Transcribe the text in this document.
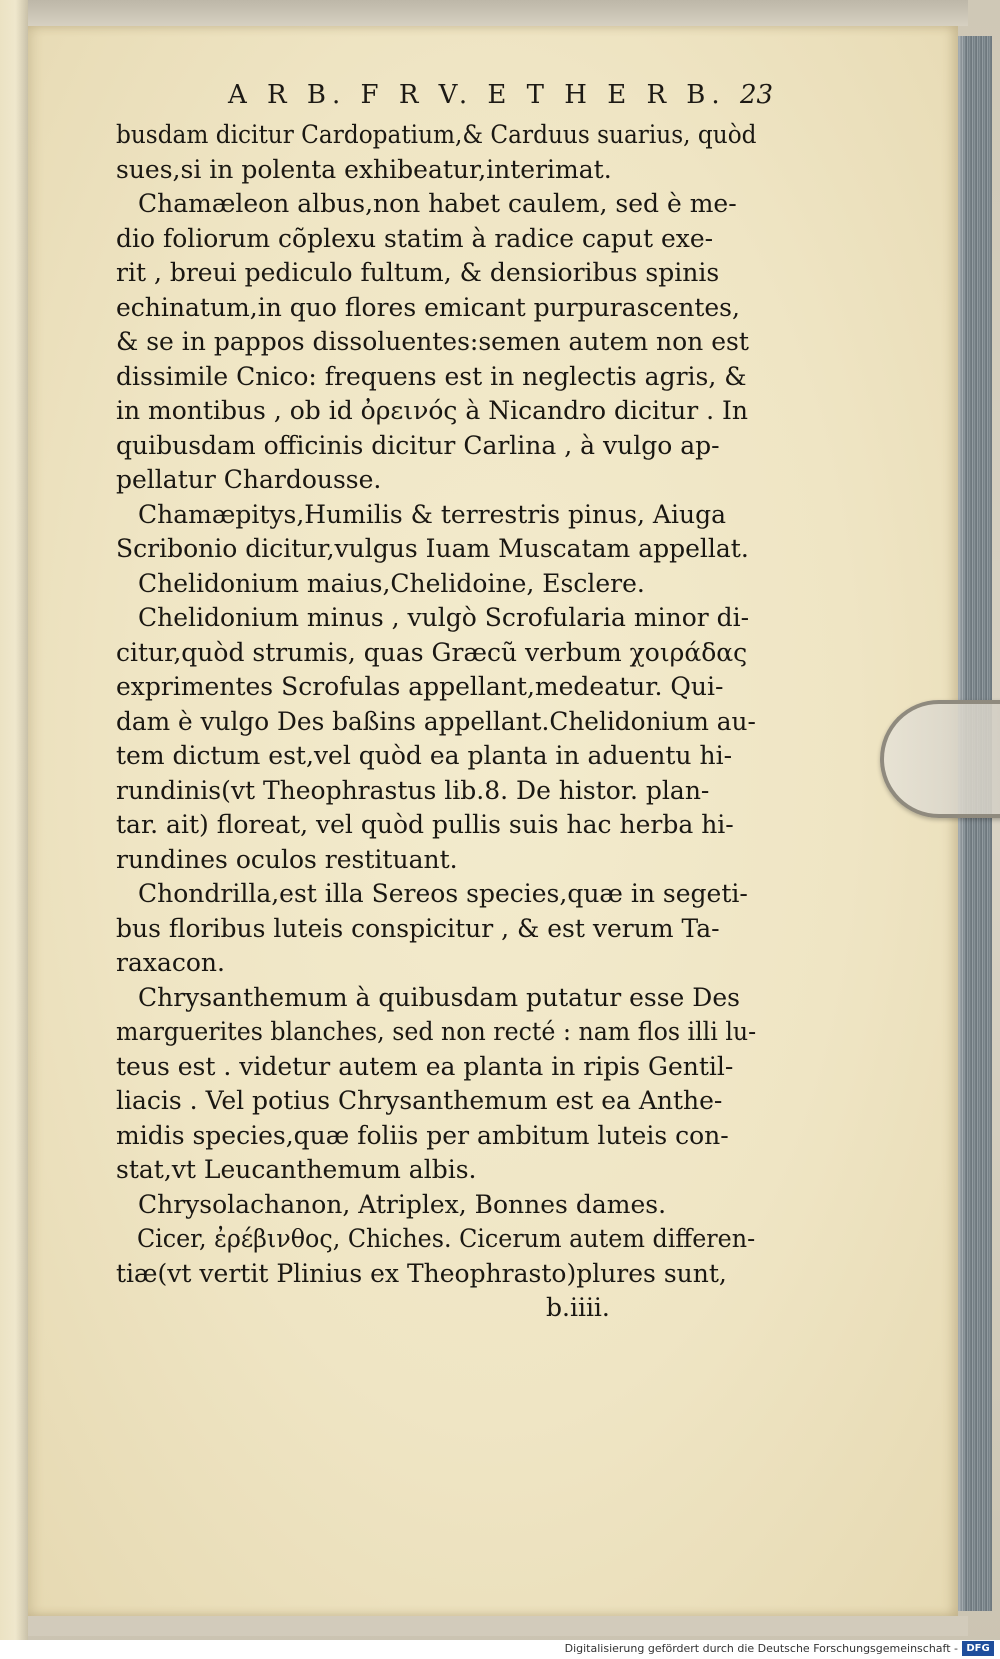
A R B. F R V. E T H E R B. 23
busdam dicitur Cardopatium,& Carduus suarius, quòd
sues,si in polenta exhibeatur,interimat.
Chamæleon albus,non habet caulem, sed è me-
dio foliorum cõplexu statim à radice caput exe-
rit , breui pediculo fultum, & densioribus spinis
echinatum,in quo flores emicant purpurascentes,
& se in pappos dissoluentes:semen autem non est
dissimile Cnico: frequens est in neglectis agris, &
in montibus , ob id ὀρεινός à Nicandro dicitur . In
quibusdam officinis dicitur Carlina , à vulgo ap-
pellatur Chardousse.
Chamæpitys,Humilis & terrestris pinus, Aiuga
Scribonio dicitur,vulgus Iuam Muscatam appellat.
Chelidonium maius,Chelidoine, Esclere.
Chelidonium minus , vulgò Scrofularia minor di-
citur,quòd strumis, quas Græcũ verbum χοιράδας
exprimentes Scrofulas appellant,medeatur. Qui-
dam è vulgo Des baßins appellant.Chelidonium au-
tem dictum est,vel quòd ea planta in aduentu hi-
rundinis(vt Theophrastus lib.8. De histor. plan-
tar. ait) floreat, vel quòd pullis suis hac herba hi-
rundines oculos restituant.
Chondrilla,est illa Sereos species,quæ in segeti-
bus floribus luteis conspicitur , & est verum Ta-
raxacon.
Chrysanthemum à quibusdam putatur esse Des
marguerites blanches, sed non recté : nam flos illi lu-
teus est . videtur autem ea planta in ripis Gentil-
liacis . Vel potius Chrysanthemum est ea Anthe-
midis species,quæ foliis per ambitum luteis con-
stat,vt Leucanthemum albis.
Chrysolachanon, Atriplex, Bonnes dames.
Cicer, ἐρέβινθος, Chiches. Cicerum autem differen-
tiæ(vt vertit Plinius ex Theophrasto)plures sunt,
b.iiii.
Digitalisierung gefördert durch die Deutsche Forschungsgemeinschaft - DFG
